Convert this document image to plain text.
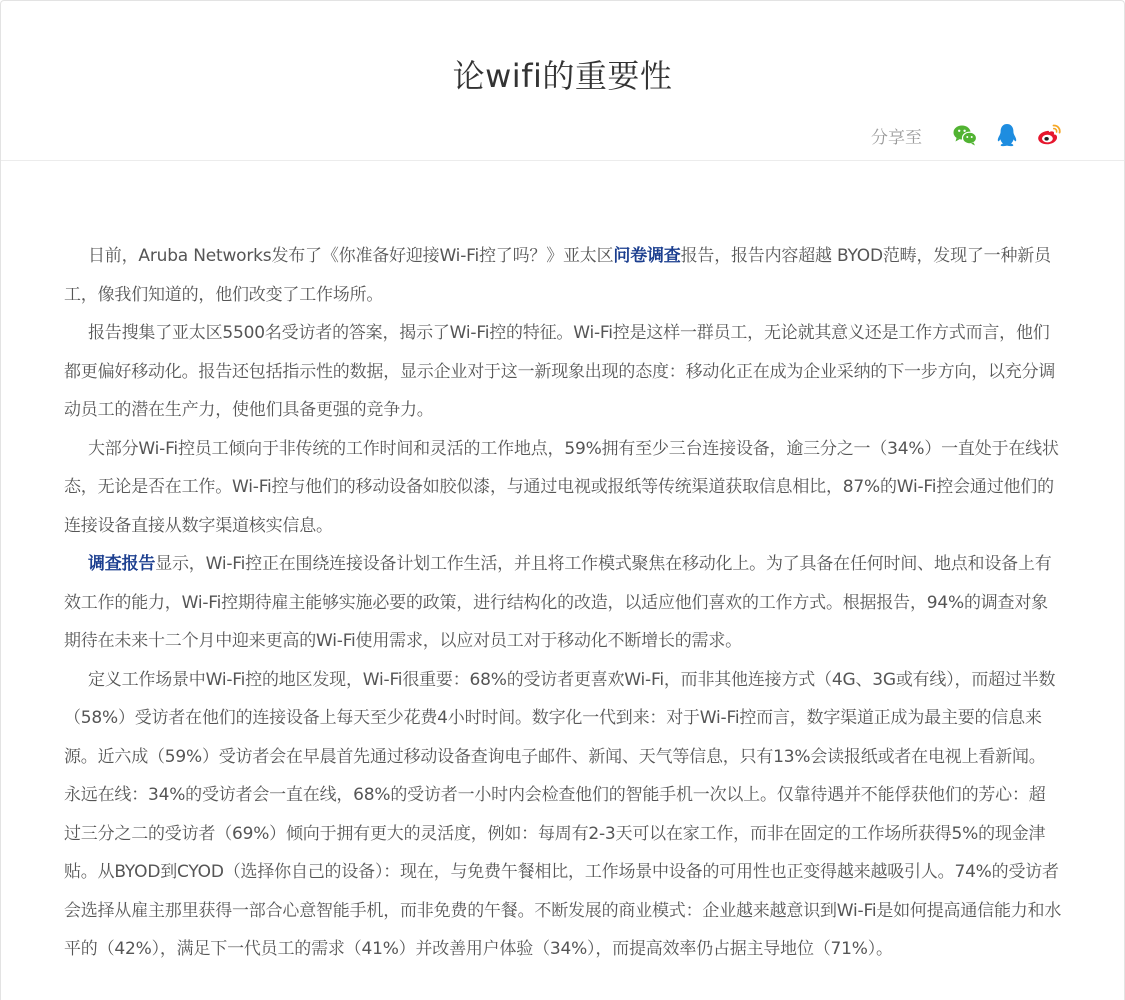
论wifi的重要性
分享至

日前，Aruba Networks发布了《你准备好迎接Wi-Fi控了吗？》亚太区问卷调查报告，报告内容超越 BYOD范畴，发现了一种新员工，像我们知道的，他们改变了工作场所。

报告搜集了亚太区5500名受访者的答案，揭示了Wi-Fi控的特征。Wi-Fi控是这样一群员工，无论就其意义还是工作方式而言，他们都更偏好移动化。报告还包括指示性的数据，显示企业对于这一新现象出现的态度：移动化正在成为企业采纳的下一步方向，以充分调动员工的潜在生产力，使他们具备更强的竞争力。

大部分Wi-Fi控员工倾向于非传统的工作时间和灵活的工作地点，59%拥有至少三台连接设备，逾三分之一（34%）一直处于在线状态，无论是否在工作。Wi-Fi控与他们的移动设备如胶似漆，与通过电视或报纸等传统渠道获取信息相比，87%的Wi-Fi控会通过他们的连接设备直接从数字渠道核实信息。

调查报告显示，Wi-Fi控正在围绕连接设备计划工作生活，并且将工作模式聚焦在移动化上。为了具备在任何时间、地点和设备上有效工作的能力，Wi-Fi控期待雇主能够实施必要的政策，进行结构化的改造，以适应他们喜欢的工作方式。根据报告，94%的调查对象期待在未来十二个月中迎来更高的Wi-Fi使用需求，以应对员工对于移动化不断增长的需求。

定义工作场景中Wi-Fi控的地区发现，Wi-Fi很重要：68%的受访者更喜欢Wi-Fi，而非其他连接方式（4G、3G或有线），而超过半数（58%）受访者在他们的连接设备上每天至少花费4小时时间。数字化一代到来：对于Wi-Fi控而言，数字渠道正成为最主要的信息来源。近六成（59%）受访者会在早晨首先通过移动设备查询电子邮件、新闻、天气等信息，只有13%会读报纸或者在电视上看新闻。永远在线：34%的受访者会一直在线，68%的受访者一小时内会检查他们的智能手机一次以上。仅靠待遇并不能俘获他们的芳心：超过三分之二的受访者（69%）倾向于拥有更大的灵活度，例如：每周有2-3天可以在家工作，而非在固定的工作场所获得5%的现金津贴。从BYOD到CYOD（选择你自己的设备）：现在，与免费午餐相比，工作场景中设备的可用性也正变得越来越吸引人。74%的受访者会选择从雇主那里获得一部合心意智能手机，而非免费的午餐。不断发展的商业模式：企业越来越意识到Wi-Fi是如何提高通信能力和水平的（42%），满足下一代员工的需求（41%）并改善用户体验（34%），而提高效率仍占据主导地位（71%）。
